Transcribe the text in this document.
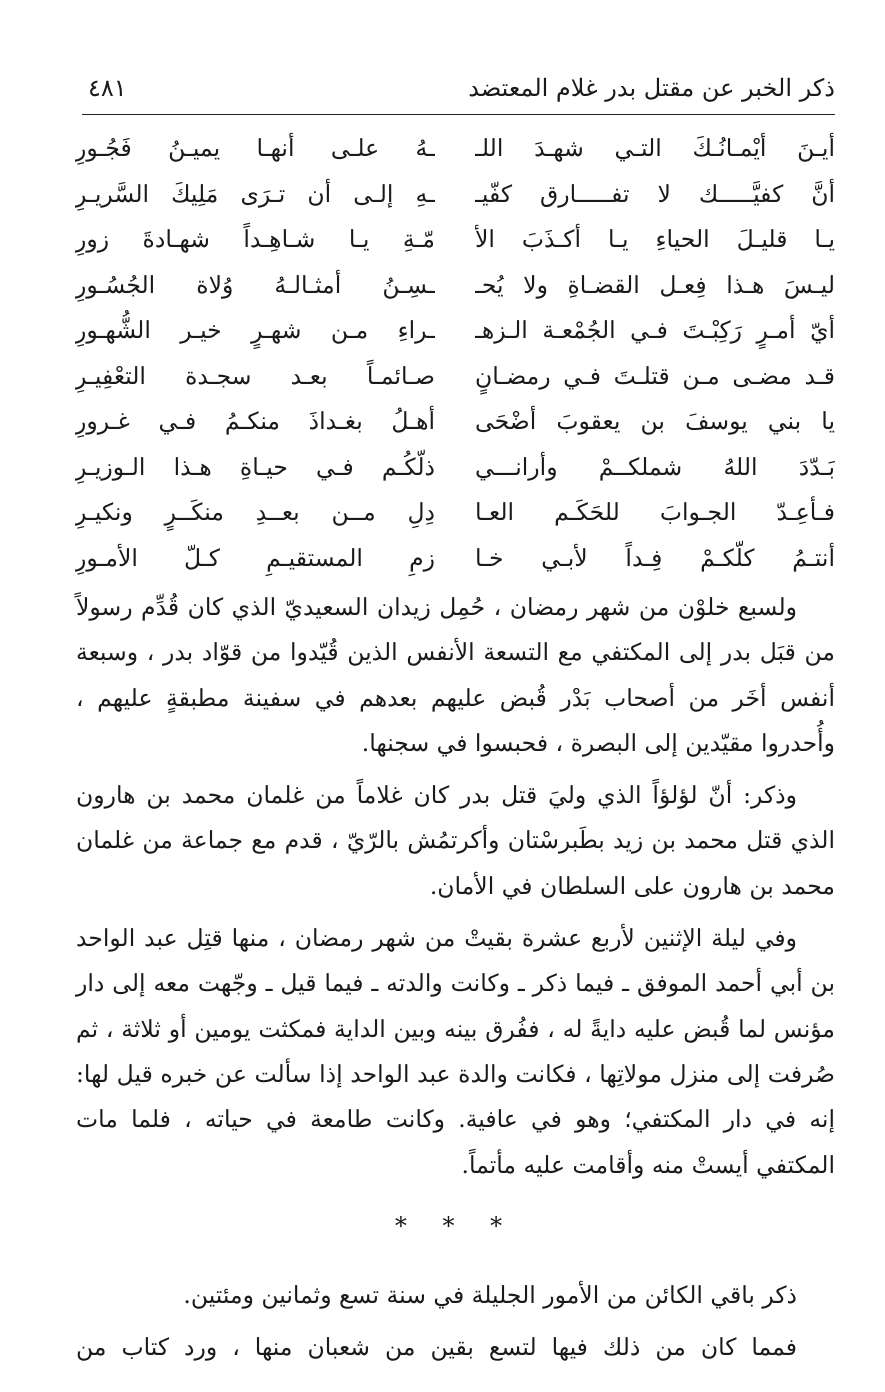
ذكر الخبر عن مقتل بدر غلام المعتضد
٤٨١
أيـنَ أيْمـانُـكَ التـي شهـدَ اللـ
ـهُ علـى أنهـا يميـنُ فَجُـورِ
أنَّ كفيَّـــــك لا تفـــــارق كفّيـ
ـهِ إلـى أن تـرَى مَلِيكَ السَّريـرِ
يـا قليـلَ الحياءِ يـا أكـذَبَ الأ
مّـةِ يـا شـاهِـداً شهـادةَ زورِ
ليـسَ هـذا فِعـل القضـاةِ ولا يُحـ
ـسِـنُ أمثـالـهُ وُلاة الجُسُـورِ
أيّ أمـرٍ رَكِبْـتَ فـي الجُمْعـة الـزهـ
ـراءِ مـن شهـرٍ خيـر الشُّهـورِ
قـد مضـى مـن قتلـتَ فـي رمضـانٍ
صـائمـاً بعـد سجـدة التعْفِيـرِ
يا بني يوسفَ بن يعقوبَ أضْحَى
أهـلُ بغـداذَ منكـمُ فـي غـرورِ
بَـدّدَ اللهُ شملكــمْ وأرانـــي
ذلّكُـم فـي حيـاةِ هـذا الـوزيـرِ
فـأعِـدّ الجـوابَ للحَكَـم العـا
دِلِ مــن بعــدِ منكَــرٍ ونكيـرِ
أنتـمُ كلّكـمْ فِـداً لأبـي خـا
زمِ المستقيـمِ كـلّ الأمـورِ

ولسبع خلوْن من شهر رمضان ، حُمِل زيدان السعيديّ الذي كان قُدِّم رسولاً من قبَل بدر إلى المكتفي مع التسعة الأنفس الذين قُيّدوا من قوّاد بدر ، وسبعة أنفس أخَر من أصحاب بَدْر قُبض عليهم بعدهم في سفينة مطبقةٍ عليهم ، وأُحدروا مقيّدين إلى البصرة ، فحبسوا في سجنها.

وذكر: أنّ لؤلؤاً الذي وليَ قتل بدر كان غلاماً من غلمان محمد بن هارون الذي قتل محمد بن زيد بطَبرسْتان وأكرتمُش بالرّيّ ، قدم مع جماعة من غلمان محمد بن هارون على السلطان في الأمان.

وفي ليلة الإثنين لأربع عشرة بقيتْ من شهر رمضان ، منها قتِل عبد الواحد بن أبي أحمد الموفق ـ فيما ذكر ـ وكانت والدته ـ فيما قيل ـ وجّهت معه إلى دار مؤنس لما قُبض عليه دايةً له ، ففُرق بينه وبين الداية فمكثت يومين أو ثلاثة ، ثم صُرفت إلى منزل مولاتِها ، فكانت والدة عبد الواحد إذا سألت عن خبره قيل لها: إنه في دار المكتفي؛ وهو في عافية. وكانت طامعة في حياته ، فلما مات المكتفي أيستْ منه وأقامت عليه مأتماً.

* * *

ذكر باقي الكائن من الأمور الجليلة في سنة تسع وثمانين ومئتين.

فمما كان من ذلك فيها لتسع بقين من شعبان منها ، ورد كتاب من
